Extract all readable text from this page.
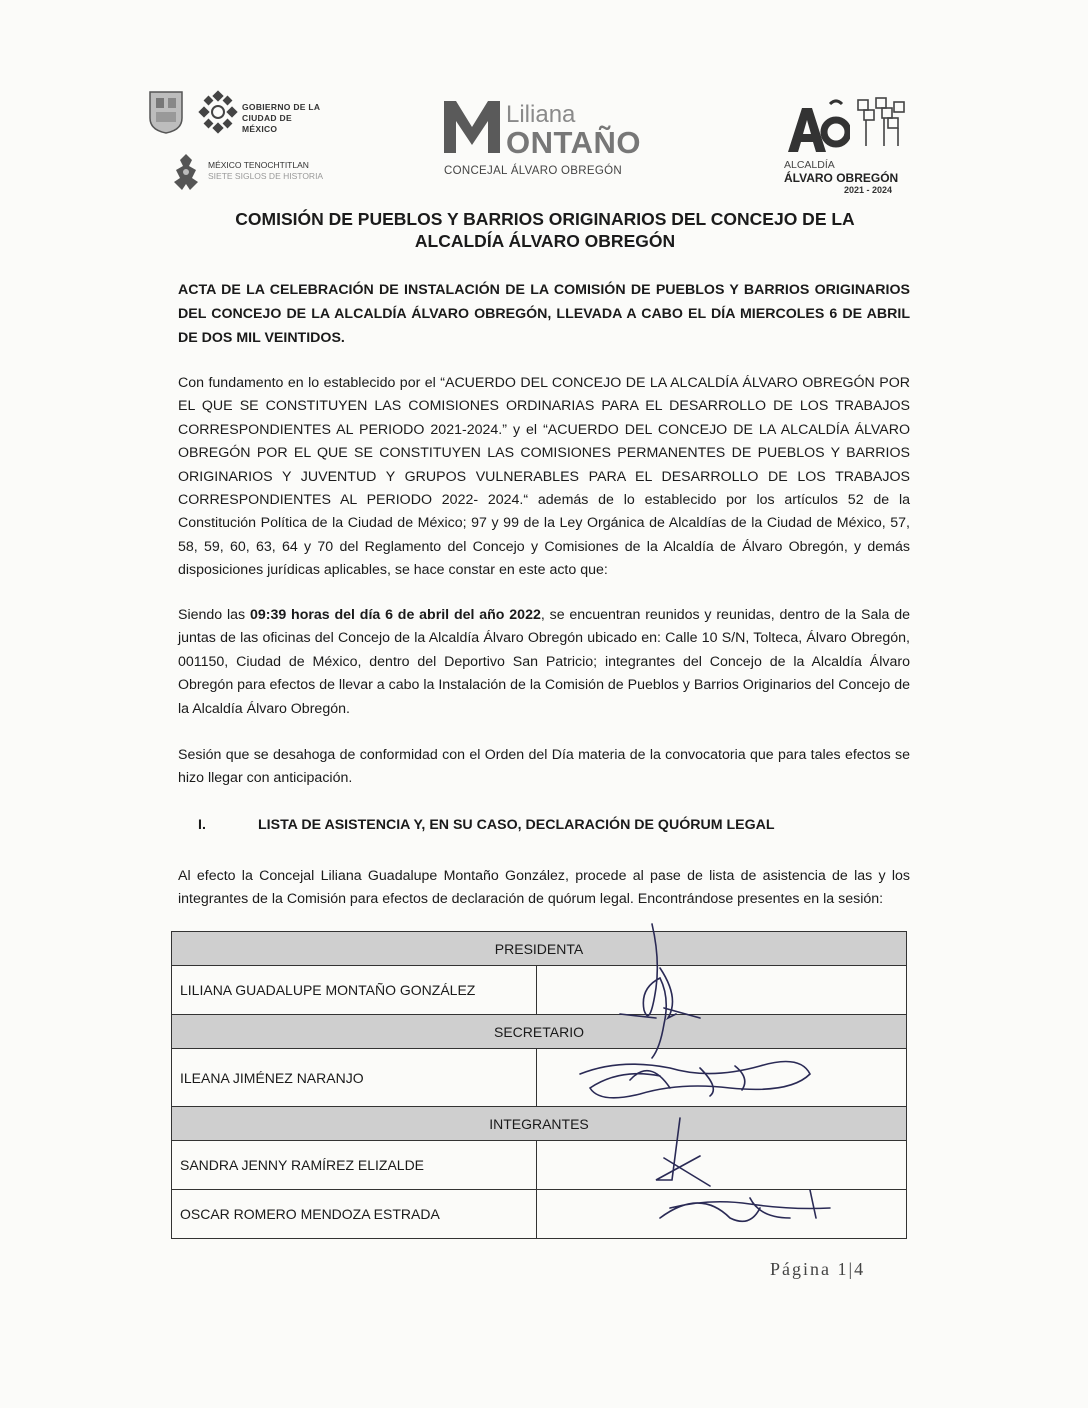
GOBIERNO DE LA
CIUDAD DE MÉXICO
MÉXICO TENOCHTITLAN
SIETE SIGLOS DE HISTORIA
Liliana
ONTAÑO
CONCEJAL ÁLVARO OBREGÓN	ALCALDÍA
ÁLVARO OBREGÓN
2021 - 2024
COMISIÓN DE PUEBLOS Y BARRIOS ORIGINARIOS DEL CONCEJO DE LA
ALCALDÍA ÁLVARO OBREGÓN
ACTA DE LA CELEBRACIÓN DE INSTALACIÓN DE LA COMISIÓN DE PUEBLOS Y BARRIOS ORIGINARIOS DEL CONCEJO DE LA ALCALDÍA ÁLVARO OBREGÓN, LLEVADA A CABO EL DÍA MIERCOLES 6 DE ABRIL DE DOS MIL VEINTIDOS.
Con fundamento en lo establecido por el “ACUERDO DEL CONCEJO DE LA ALCALDÍA ÁLVARO OBREGÓN POR EL QUE SE CONSTITUYEN LAS COMISIONES ORDINARIAS PARA EL DESARROLLO DE LOS TRABAJOS CORRESPONDIENTES AL PERIODO 2021-2024.” y el “ACUERDO DEL CONCEJO DE LA ALCALDÍA ÁLVARO OBREGÓN POR EL QUE SE CONSTITUYEN LAS COMISIONES PERMANENTES DE PUEBLOS Y BARRIOS ORIGINARIOS Y JUVENTUD Y GRUPOS VULNERABLES PARA EL DESARROLLO DE LOS TRABAJOS CORRESPONDIENTES AL PERIODO 2022- 2024.“ además de lo establecido por los artículos 52 de la Constitución Política de la Ciudad de México; 97 y 99 de la Ley Orgánica de Alcaldías de la Ciudad de México, 57, 58, 59, 60, 63, 64 y 70 del Reglamento del Concejo y Comisiones de la Alcaldía de Álvaro Obregón, y demás disposiciones jurídicas aplicables, se hace constar en este acto que:
Siendo las 09:39 horas del día 6 de abril del año 2022, se encuentran reunidos y reunidas, dentro de la Sala de juntas de las oficinas del Concejo de la Alcaldía Álvaro Obregón ubicado en: Calle 10 S/N, Tolteca, Álvaro Obregón, 001150, Ciudad de México, dentro del Deportivo San Patricio; integrantes del Concejo de la Alcaldía Álvaro Obregón para efectos de llevar a cabo la Instalación de la Comisión de Pueblos y Barrios Originarios del Concejo de la Alcaldía Álvaro Obregón.
Sesión que se desahoga de conformidad con el Orden del Día materia de la convocatoria que para tales efectos se hizo llegar con anticipación.
I.	LISTA DE ASISTENCIA Y, EN SU CASO, DECLARACIÓN DE QUÓRUM LEGAL
Al efecto la Concejal Liliana Guadalupe Montaño González, procede al pase de lista de asistencia de las y los integrantes de la Comisión para efectos de declaración de quórum legal. Encontrándose presentes en la sesión:
PRESIDENTA	
LILIANA GUADALUPE MONTAÑO GONZÁLEZ	
SECRETARIO	
ILEANA JIMÉNEZ NARANJO	
INTEGRANTES	
SANDRA JENNY RAMÍREZ ELIZALDE	
OSCAR ROMERO MENDOZA ESTRADA	
Página 1|4
